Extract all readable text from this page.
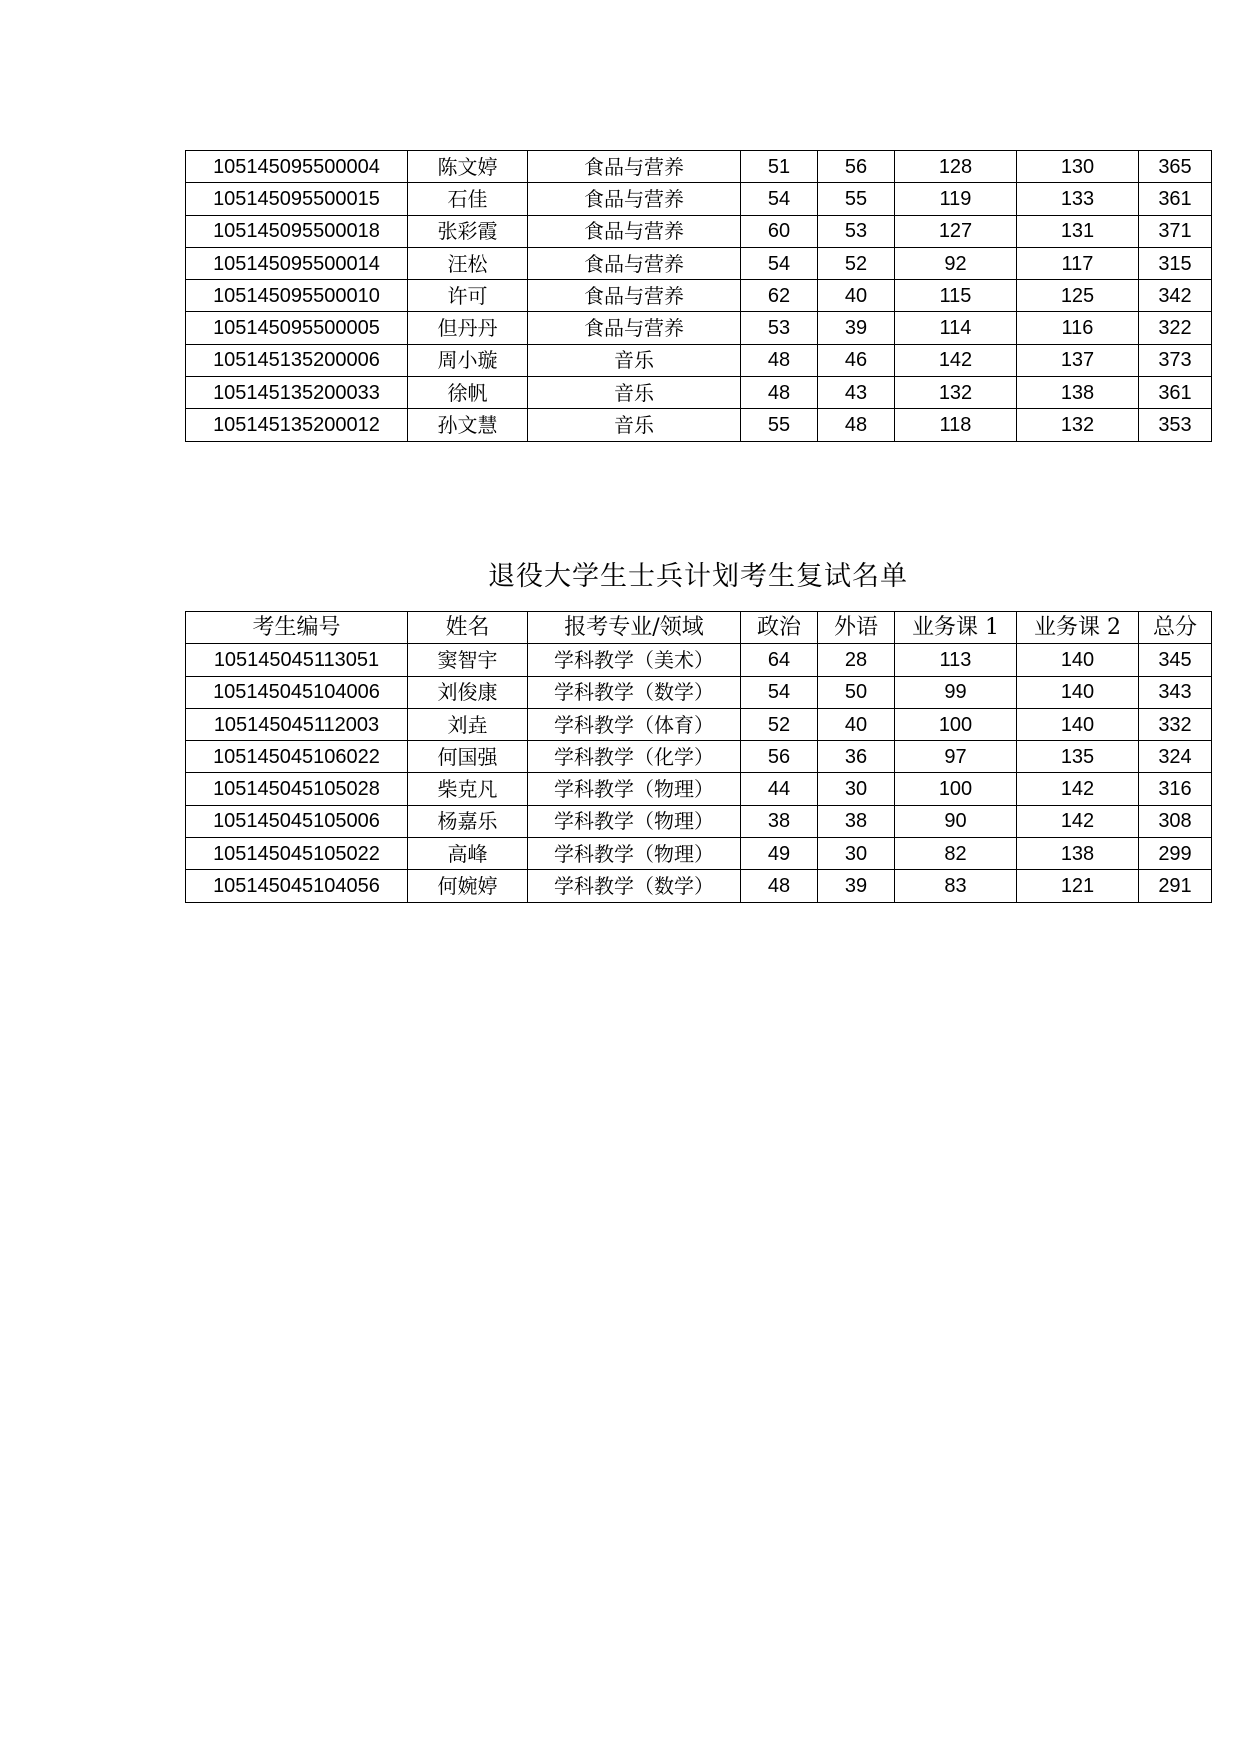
105145095500004	陈文婷	食品与营养	51	56	128	130	365
105145095500015	石佳	食品与营养	54	55	119	133	361
105145095500018	张彩霞	食品与营养	60	53	127	131	371
105145095500014	汪松	食品与营养	54	52	92	117	315
105145095500010	许可	食品与营养	62	40	115	125	342
105145095500005	但丹丹	食品与营养	53	39	114	116	322
105145135200006	周小璇	音乐	48	46	142	137	373
105145135200033	徐帆	音乐	48	43	132	138	361
105145135200012	孙文慧	音乐	55	48	118	132	353
退役大学生士兵计划考生复试名单
考生编号	姓名	报考专业/领域	政治	外语	业务课 1	业务课 2	总分
105145045113051	窦智宇	学科教学（美术）	64	28	113	140	345
105145045104006	刘俊康	学科教学（数学）	54	50	99	140	343
105145045112003	刘垚	学科教学（体育）	52	40	100	140	332
105145045106022	何国强	学科教学（化学）	56	36	97	135	324
105145045105028	柴克凡	学科教学（物理）	44	30	100	142	316
105145045105006	杨嘉乐	学科教学（物理）	38	38	90	142	308
105145045105022	高峰	学科教学（物理）	49	30	82	138	299
105145045104056	何婉婷	学科教学（数学）	48	39	83	121	291
